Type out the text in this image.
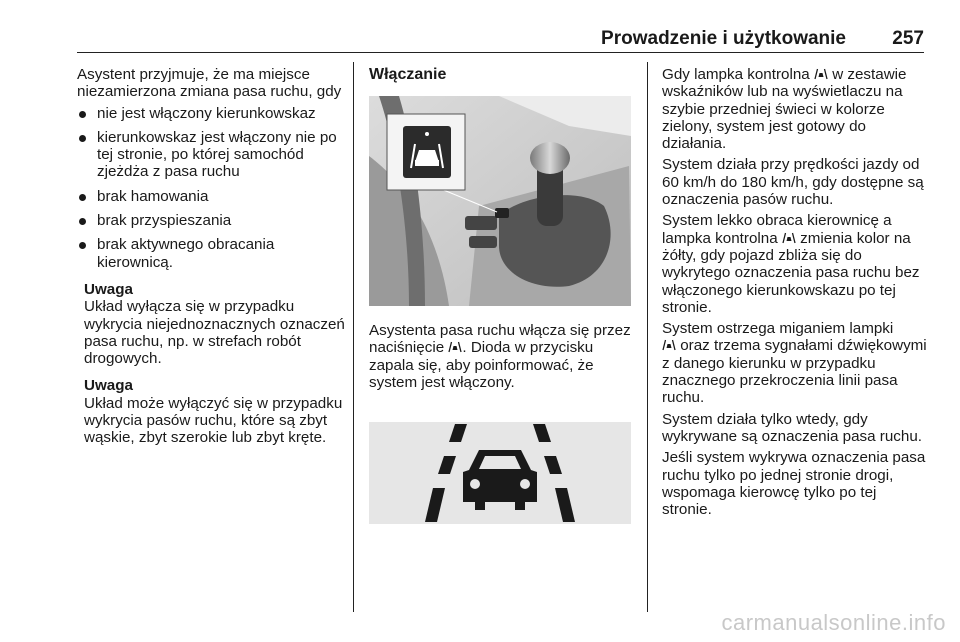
Prowadzenie i użytkowanie 257

Asystent przyjmuje, że ma miejsce niezamierzona zmiana pasa ruchu, gdy

nie jest włączony kierunkowskaz
kierunkowskaz jest włączony nie po tej stronie, po której samochód zjeżdża z pasa ruchu
brak hamowania
brak przyspieszania
brak aktywnego obracania kierownicą.
Uwaga
Układ wyłącza się w przypadku wykrycia niejednoznacznych oznaczeń pasa ruchu, np. w strefach robót drogowych.
Uwaga
Układ może wyłączyć się w przypadku wykrycia pasów ruchu, które są zbyt wąskie, zbyt szerokie lub zbyt kręte.

Włączanie

Asystenta pasa ruchu włącza się przez naciśnięcie . Dioda w przycisku zapala się, aby poinformować, że system jest włączony.

Gdy lampka kontrolna w zestawie wskaźników lub na wyświetlaczu na szybie przedniej świeci w kolorze zielony, system jest gotowy do działania.

System działa przy prędkości jazdy od 60 km/h do 180 km/h, gdy dostępne są oznaczenia pasów ruchu.

System lekko obraca kierownicę a lampka kontrolna zmienia kolor na żółty, gdy pojazd zbliża się do wykrytego oznaczenia pasa ruchu bez włączonego kierunkowskazu po tej stronie.

System ostrzega miganiem lampki
oraz trzema sygnałami dźwiękowymi z danego kierunku w przypadku znacznego przekroczenia linii pasa ruchu.

System działa tylko wtedy, gdy wykrywane są oznaczenia pasa ruchu.

Jeśli system wykrywa oznaczenia pasa ruchu tylko po jednej stronie drogi, wspomaga kierowcę tylko po tej stronie.

carmanualsonline.info
